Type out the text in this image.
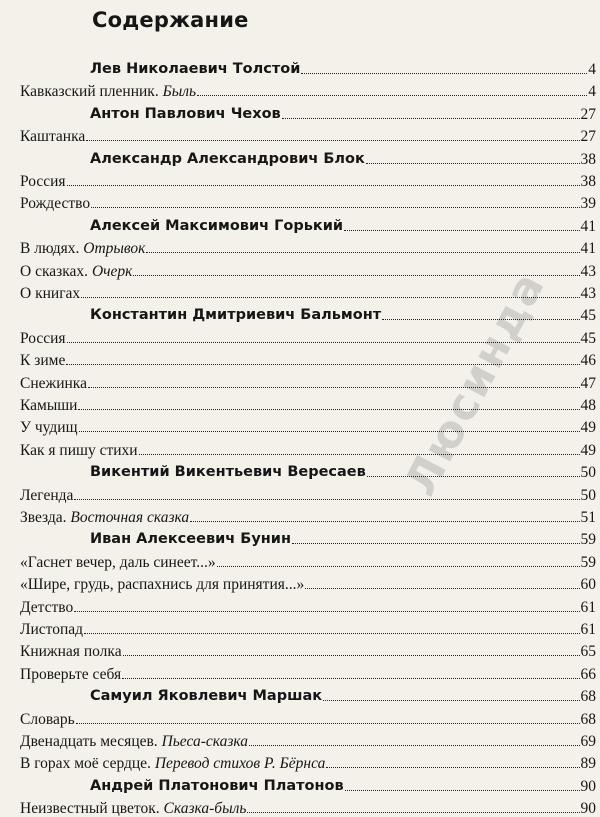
Содержание
Лев Николаевич Толстой	4
Кавказский пленник. Быль	4
Антон Павлович Чехов	27
Каштанка	27
Александр Александрович Блок	38
Россия	38
Рождество	39
Алексей Максимович Горький	41
В людях. Отрывок	41
О сказках. Очерк	43
О книгах	43
Константин Дмитриевич Бальмонт	45
Россия	45
К зиме	46
Снежинка	47
Камыши	48
У чудищ	49
Как я пишу стихи	49
Викентий Викентьевич Вересаев	50
Легенда	50
Звезда. Восточная сказка	51
Иван Алексеевич Бунин	59
«Гаснет вечер, даль синеет...»	59
«Шире, грудь, распахнись для принятия...»	60
Детство	61
Листопад	61
Книжная полка	65
Проверьте себя	66
Самуил Яковлевич Маршак	68
Словарь	68
Двенадцать месяцев. Пьеса-сказка	69
В горах моё сердце. Перевод стихов Р. Бёрнса	89
Андрей Платонович Платонов	90
Неизвестный цветок. Сказка-быль	90
Люсинда
